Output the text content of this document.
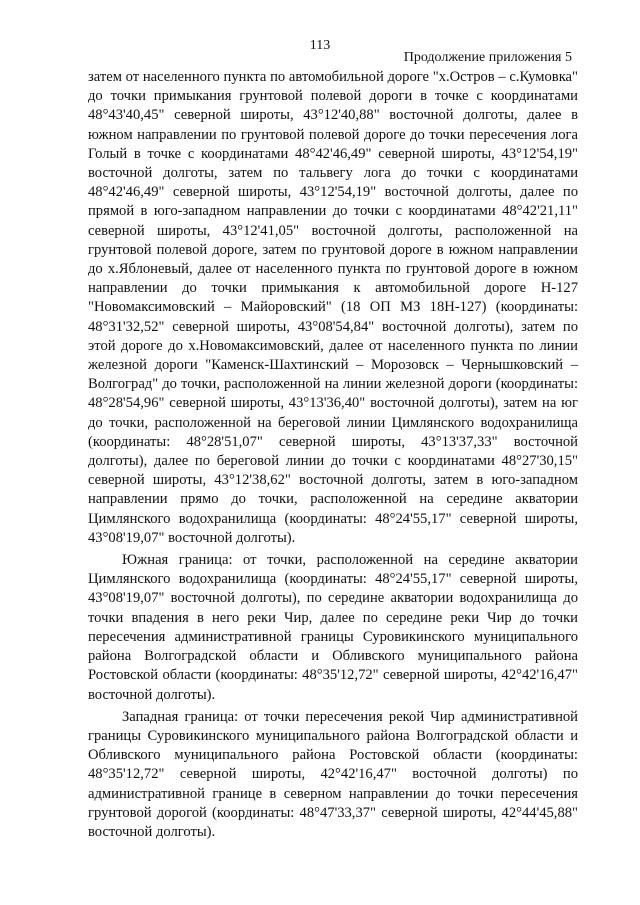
113
Продолжение приложения 5

затем от населенного пункта по автомобильной дороге "х.Остров – с.Кумовка" до точки примыкания грунтовой полевой дороги в точке с координатами 48°43'40,45" северной широты, 43°12'40,88" восточной долготы, далее в южном направлении по грунтовой полевой дороге до точки пересечения лога Голый в точке с координатами 48°42'46,49" северной широты, 43°12'54,19" восточной долготы, затем по тальвегу лога до точки с координатами 48°42'46,49" северной широты, 43°12'54,19" восточной долготы, далее по прямой в юго-западном направлении до точки с координатами 48°42'21,11" северной широты, 43°12'41,05" восточной долготы, расположенной на грунтовой полевой дороге, затем по грунтовой дороге в южном направлении до х.Яблоневый, далее от населенного пункта по грунтовой дороге в южном направлении до точки примыкания к автомобильной дороге Н-127 "Новомаксимовский – Майоровский" (18 ОП МЗ 18Н-127) (координаты: 48°31'32,52" северной широты, 43°08'54,84" восточной долготы), затем по этой дороге до х.Новомаксимовский, далее от населенного пункта по линии железной дороги "Каменск-Шахтинский – Морозовск – Чернышковский – Волгоград" до точки, расположенной на линии железной дороги (координаты: 48°28'54,96" северной широты, 43°13'36,40" восточной долготы), затем на юг до точки, расположенной на береговой линии Цимлянского водохранилища (координаты: 48°28'51,07" северной широты, 43°13'37,33" восточной долготы), далее по береговой линии до точки с координатами 48°27'30,15" северной широты, 43°12'38,62" восточной долготы, затем в юго-западном направлении прямо до точки, расположенной на середине акватории Цимлянского водохранилища (координаты: 48°24'55,17" северной широты, 43°08'19,07" восточной долготы).

Южная граница: от точки, расположенной на середине акватории Цимлянского водохранилища (координаты: 48°24'55,17" северной широты, 43°08'19,07" восточной долготы), по середине акватории водохранилища до точки впадения в него реки Чир, далее по середине реки Чир до точки пересечения административной границы Суровикинского муниципального района Волгоградской области и Обливского муниципального района Ростовской области (координаты: 48°35'12,72" северной широты, 42°42'16,47" восточной долготы).

Западная граница: от точки пересечения рекой Чир административной границы Суровикинского муниципального района Волгоградской области и Обливского муниципального района Ростовской области (координаты: 48°35'12,72" северной широты, 42°42'16,47" восточной долготы) по административной границе в северном направлении до точки пересечения грунтовой дорогой (координаты: 48°47'33,37" северной широты, 42°44'45,88" восточной долготы).
